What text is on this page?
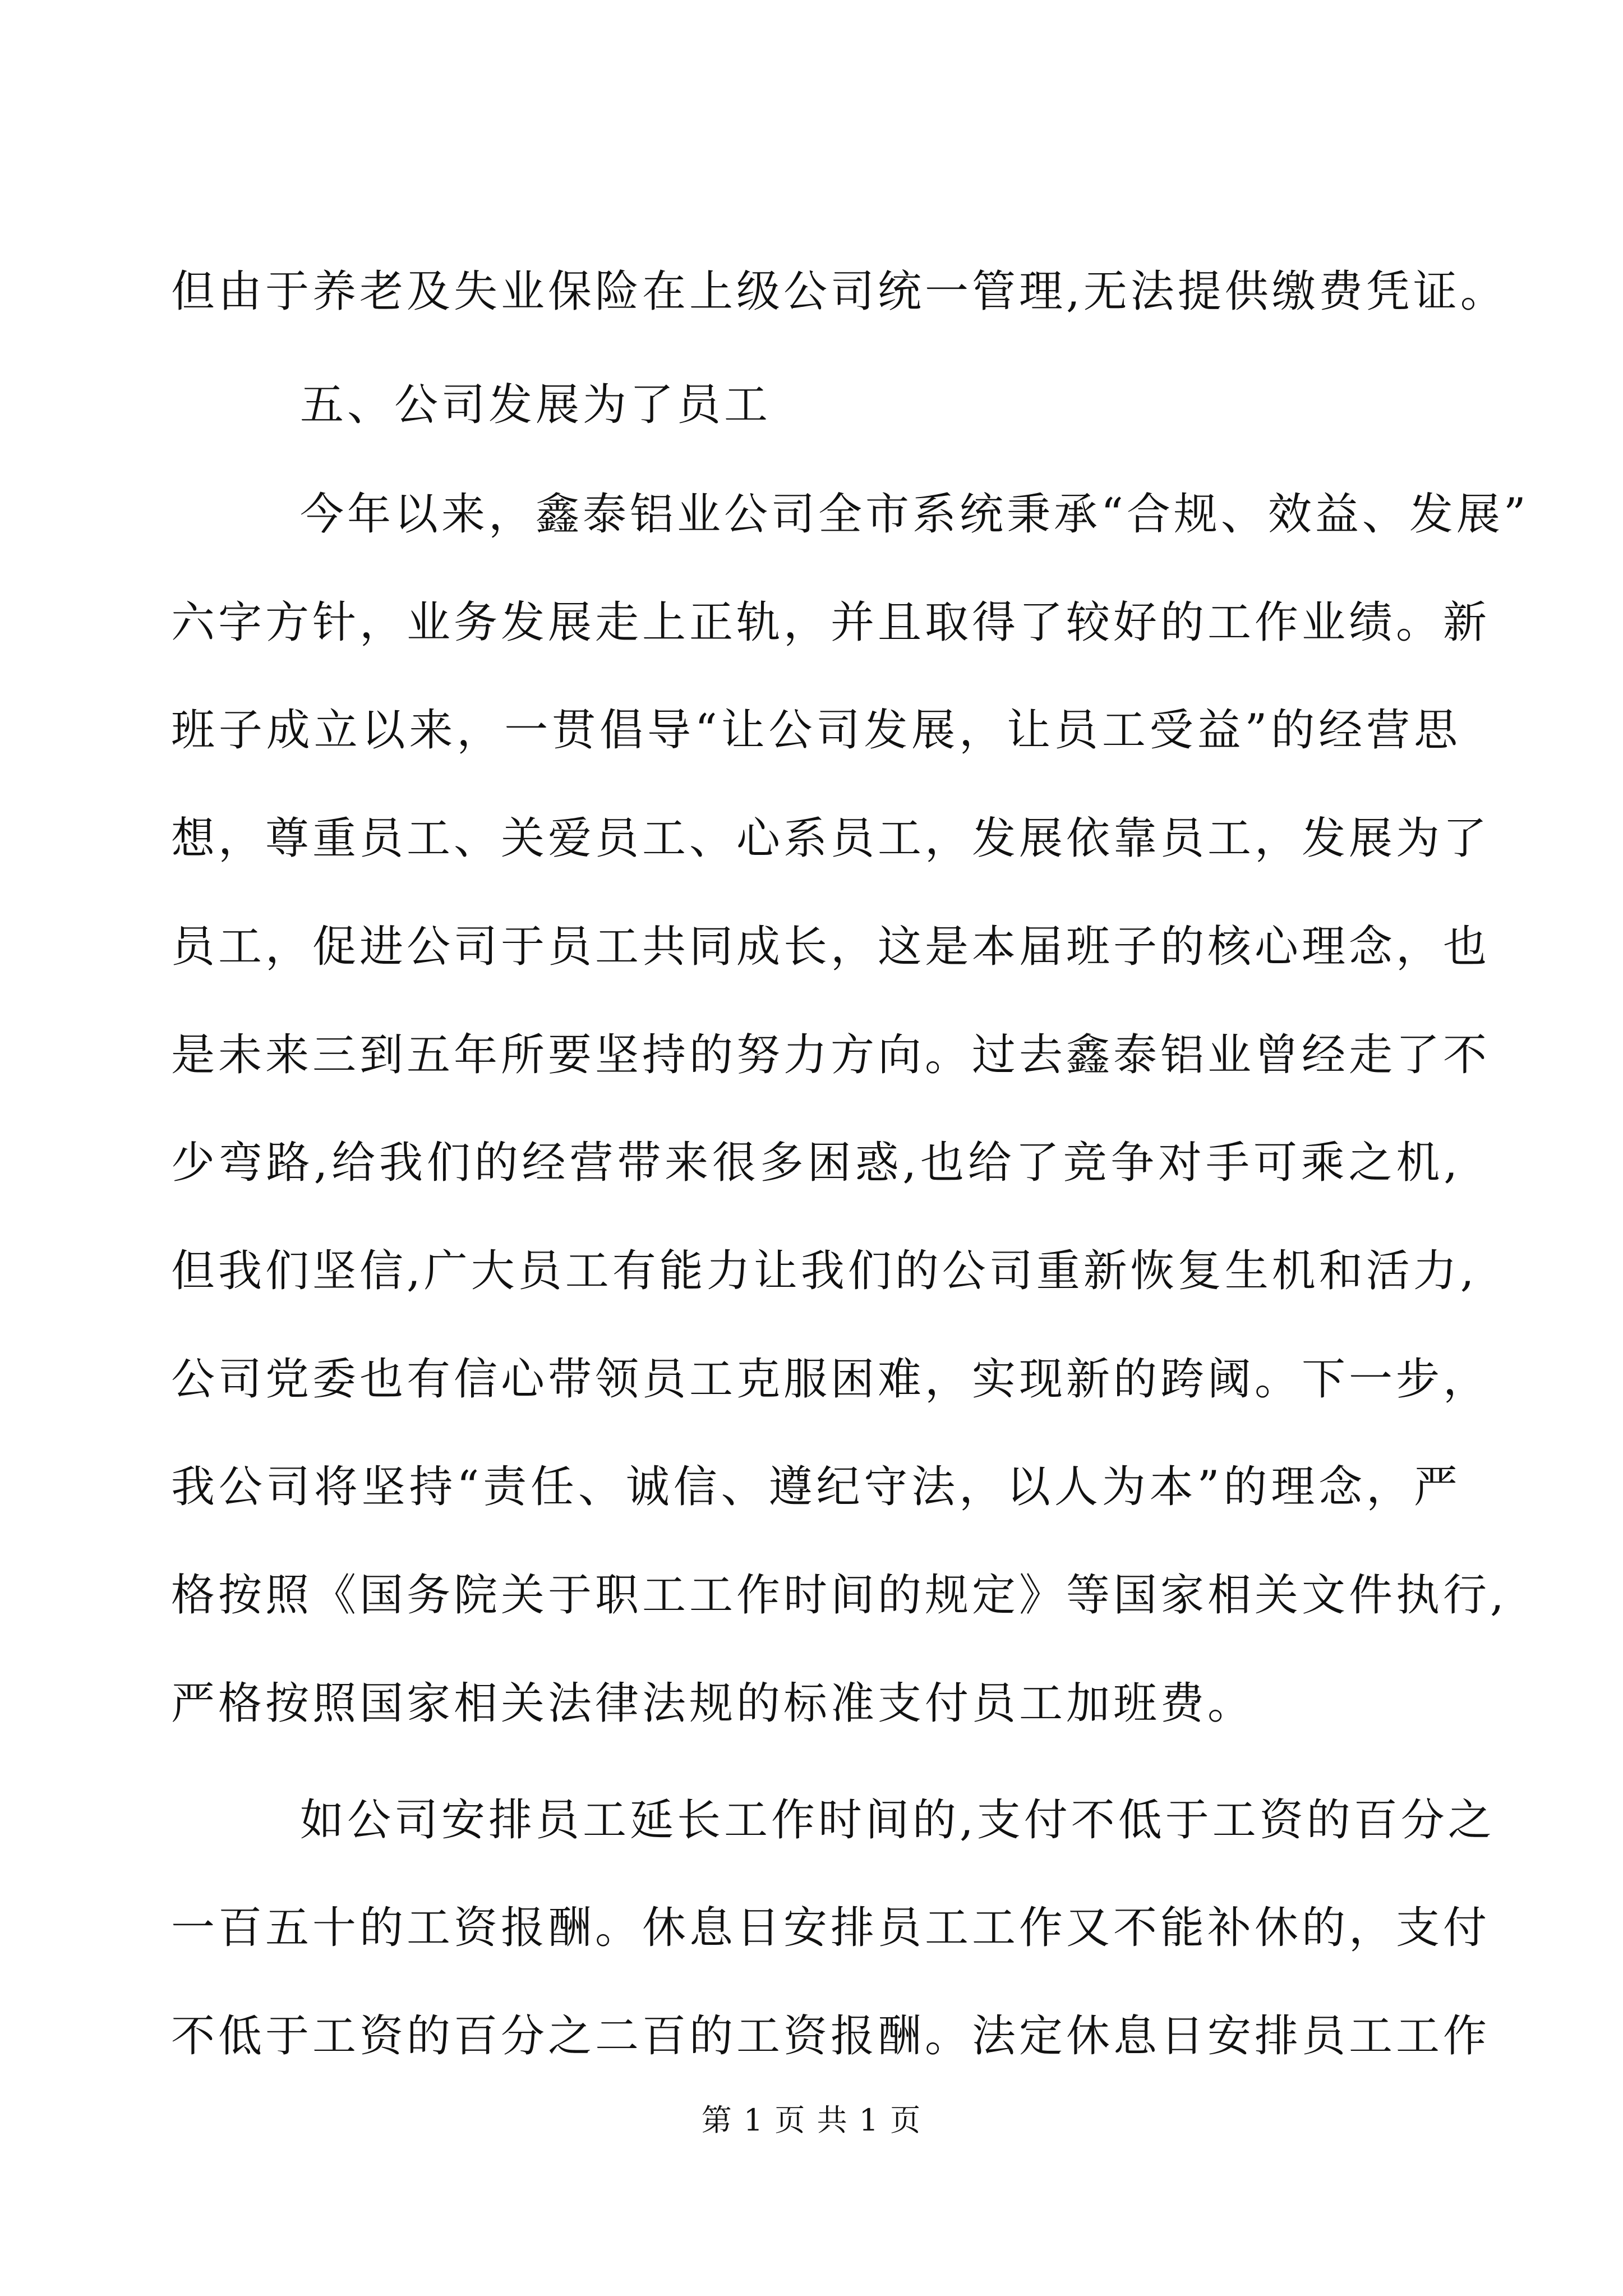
但由于养老及失业保险在上级公司统一管理,无法提供缴费凭证。
五、公司发展为了员工
今年以来，鑫泰铝业公司全市系统秉承“合规、效益、发展”
六字方针，业务发展走上正轨，并且取得了较好的工作业绩。新
班子成立以来，一贯倡导“让公司发展，让员工受益”的经营思
想，尊重员工、关爱员工、心系员工，发展依靠员工，发展为了
员工，促进公司于员工共同成长，这是本届班子的核心理念，也
是未来三到五年所要坚持的努力方向。过去鑫泰铝业曾经走了不
少弯路,给我们的经营带来很多困惑,也给了竞争对手可乘之机,
但我们坚信,广大员工有能力让我们的公司重新恢复生机和活力,
公司党委也有信心带领员工克服困难，实现新的跨阈。下一步，
我公司将坚持“责任、诚信、遵纪守法，以人为本”的理念，严
格按照《国务院关于职工工作时间的规定》等国家相关文件执行,
严格按照国家相关法律法规的标准支付员工加班费。
如公司安排员工延长工作时间的,支付不低于工资的百分之
一百五十的工资报酬。休息日安排员工工作又不能补休的，支付
不低于工资的百分之二百的工资报酬。法定休息日安排员工工作
第 1 页 共 1 页
